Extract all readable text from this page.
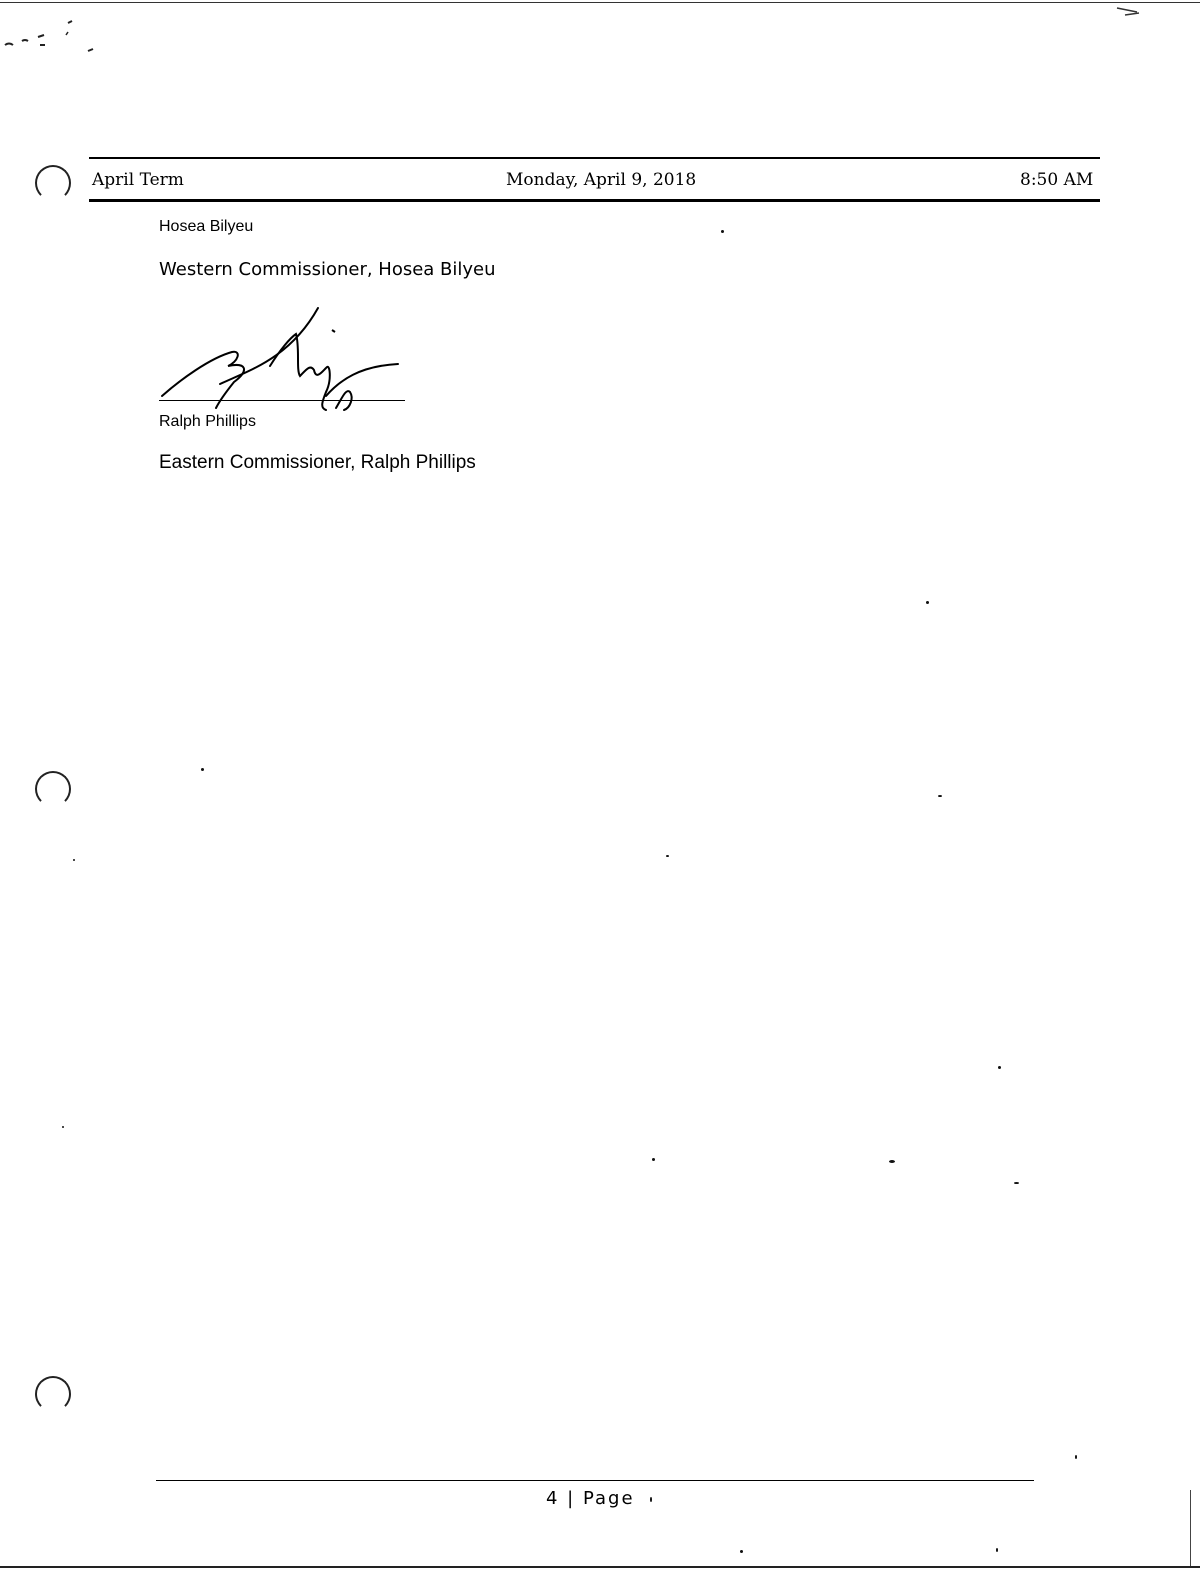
April Term	Monday, April 9, 2018	8:50 AM
Hosea Bilyeu
Western Commissioner, Hosea Bilyeu
Ralph Phillips
Eastern Commissioner, Ralph Phillips
4 | Page
